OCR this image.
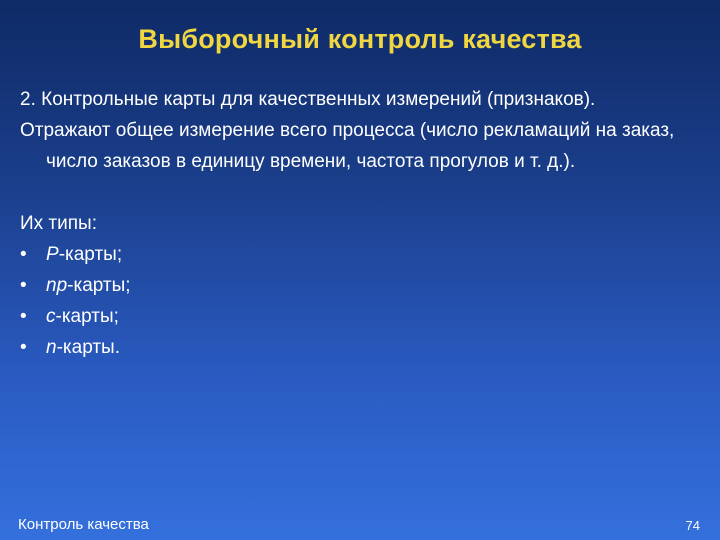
Выборочный контроль качества

2. Контрольные карты для качественных измерений (признаков).

Отражают общее измерение всего процесса (число рекламаций на заказ, число заказов в единицу времени, частота прогулов и т. д.).

Их типы:

•	P-карты;
•	np-карты;
•	c-карты;
•	n-карты.
Контроль качества	74
